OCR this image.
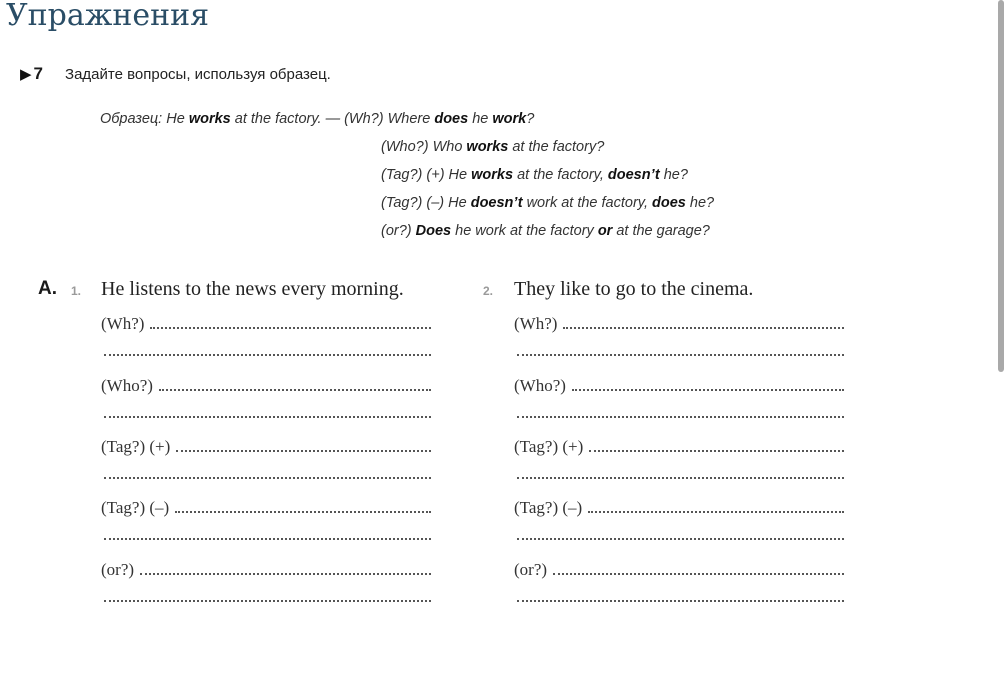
Упражнения
▶ 7 Задайте вопросы, используя образец.
Образец: He works at the factory. — (Wh?) Where does he work?
(Who?) Who works at the factory?
(Tag?) (+) He works at the factory, doesn’t he?
(Tag?) (–) He doesn’t work at the factory, does he?
(or?) Does he work at the factory or at the garage?
A. 1. He listens to the news every morning.
(Wh?)
(Who?)
(Tag?) (+)
(Tag?) (–)
(or?)
2. They like to go to the cinema.
(Wh?)
(Who?)
(Tag?) (+)
(Tag?) (–)
(or?)
